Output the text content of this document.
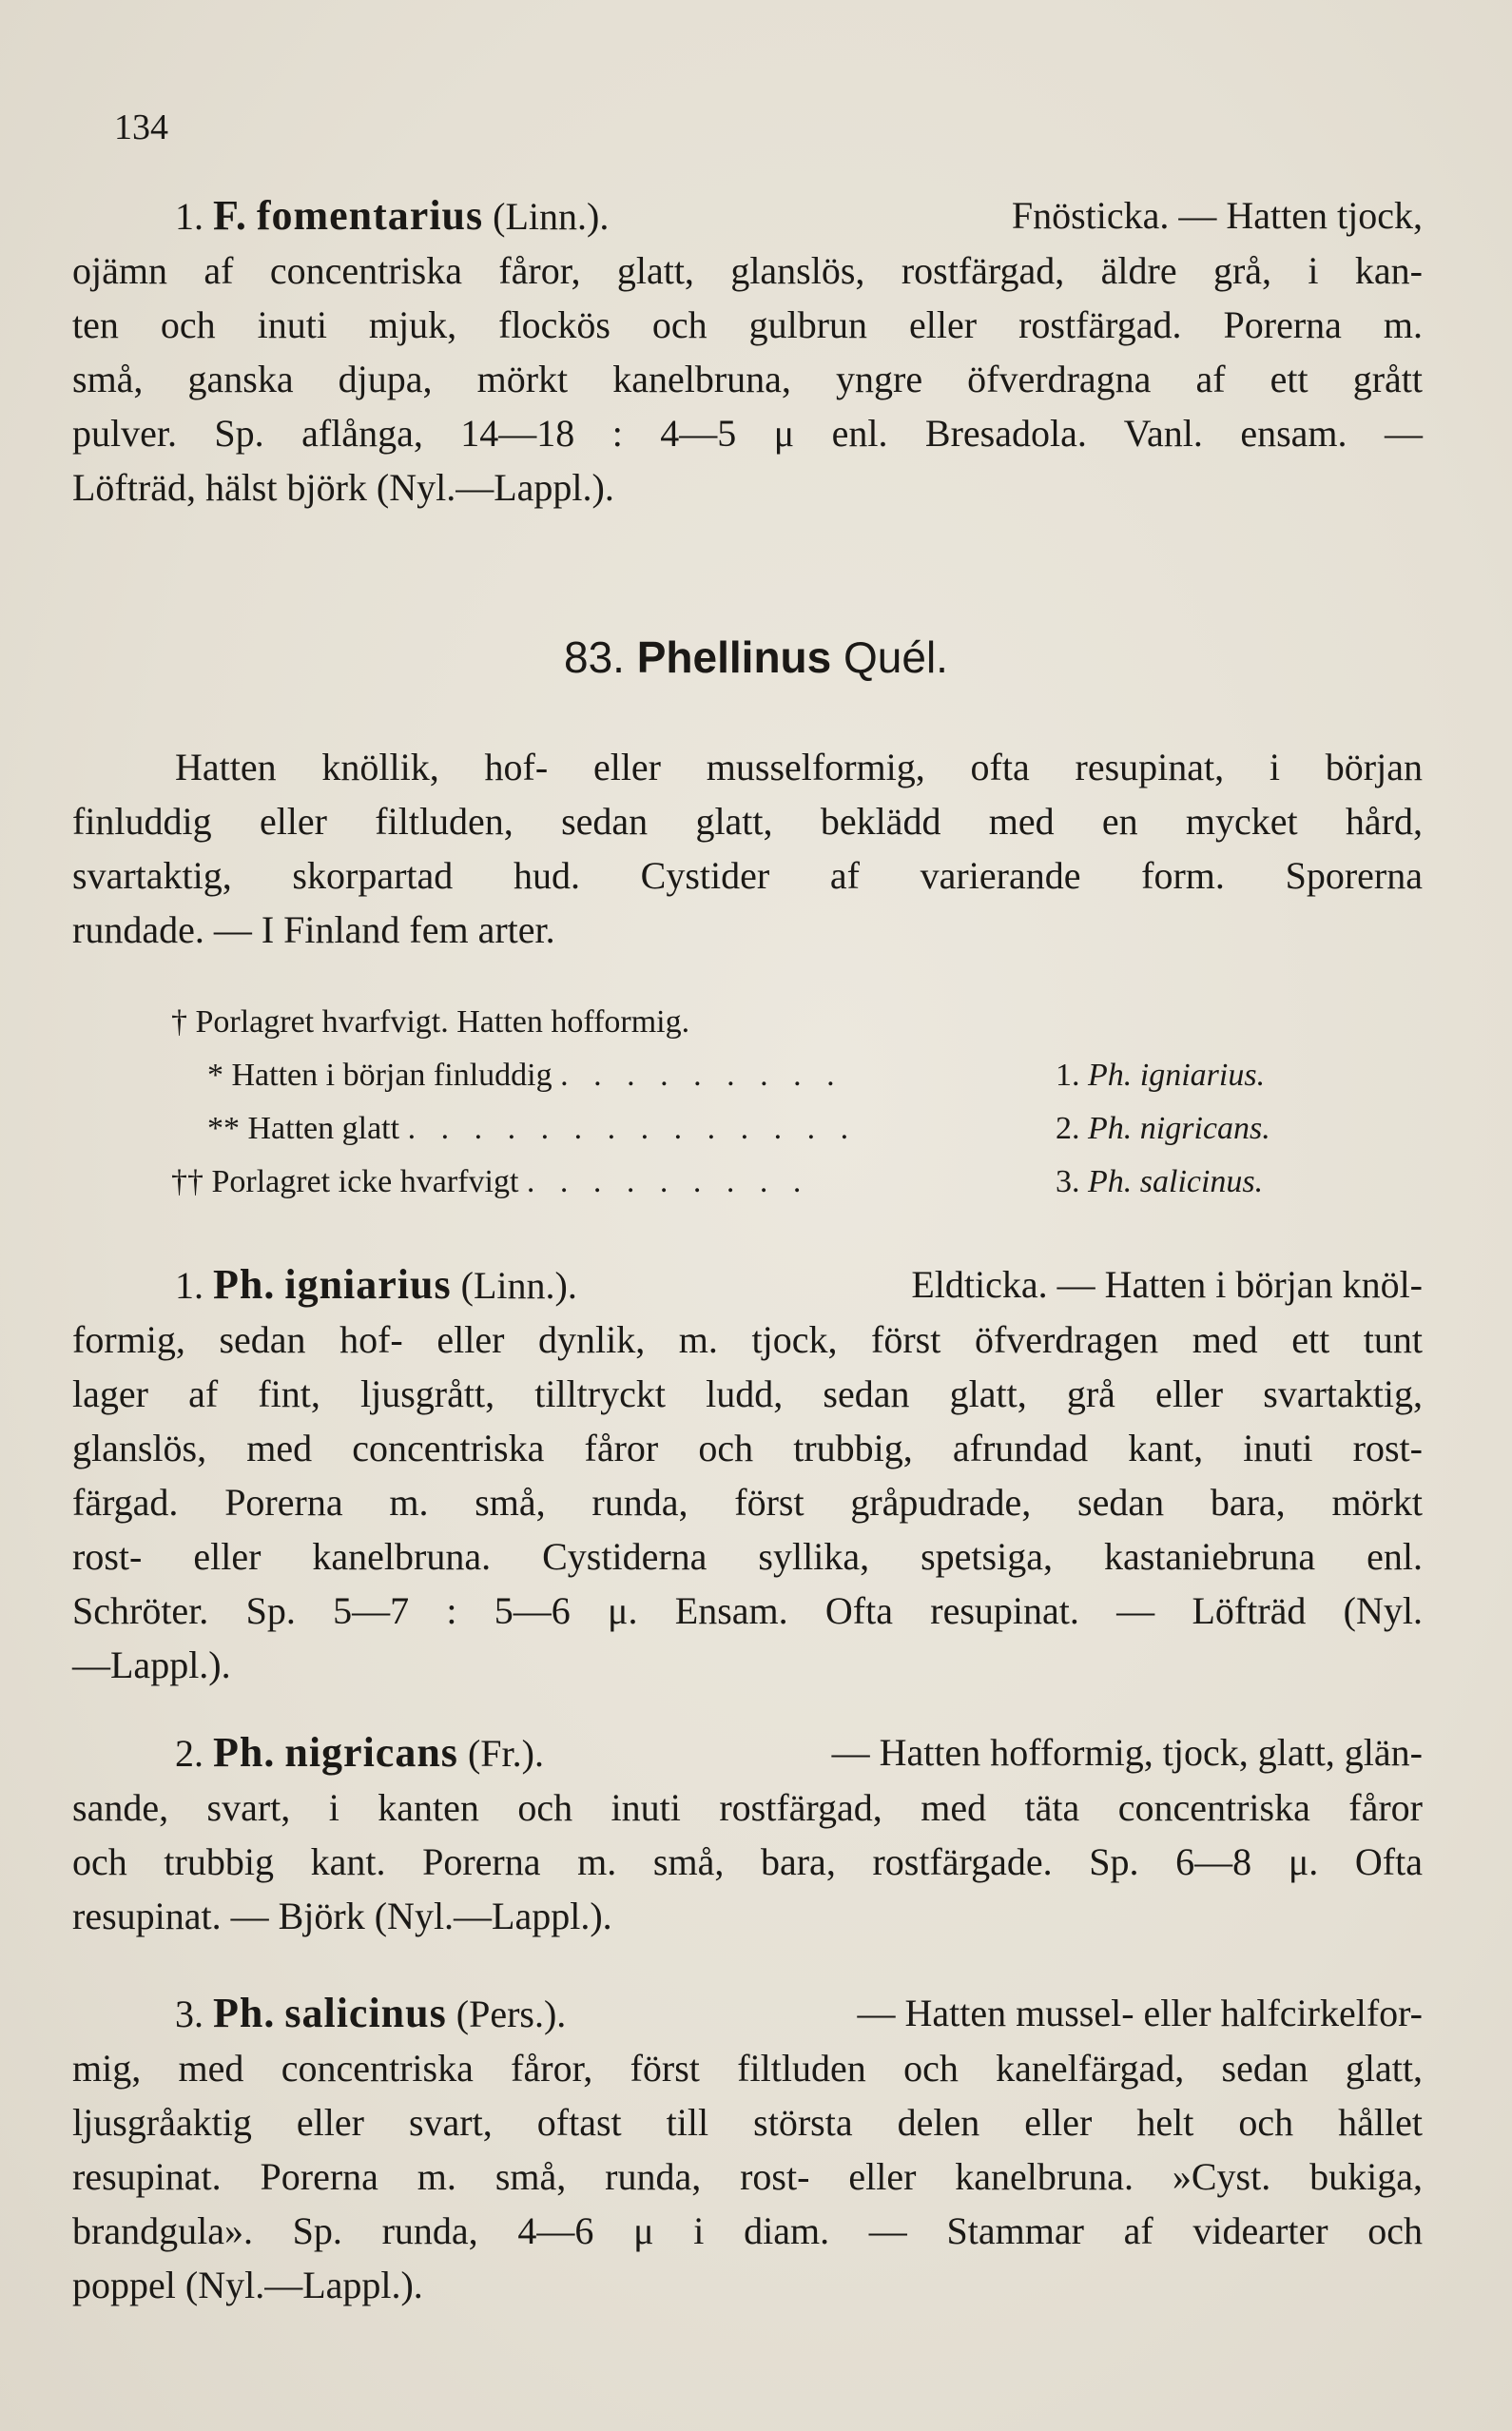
134
1. F. fomentarius (Linn.).	Fnösticka. — Hatten tjock,
ojämn af concentriska fåror, glatt, glanslös, rostfärgad, äldre grå, i kan-
ten och inuti mjuk, flockös och gulbrun eller rostfärgad. Porerna m.
små, ganska djupa, mörkt kanelbruna, yngre öfverdragna af ett grått
pulver. Sp. aflånga, 14—18 : 4—5 μ enl. Bresadola. Vanl. ensam. —
Löfträd, hälst björk (Nyl.—Lappl.).
83. Phellinus Quél.
Hatten knöllik, hof- eller musselformig, ofta resupinat, i början
finluddig eller filtluden, sedan glatt, beklädd med en mycket hård,
svartaktig, skorpartad hud. Cystider af varierande form. Sporerna
rundade. — I Finland fem arter.
† Porlagret hvarfvigt. Hatten hofformig.
* Hatten i början finluddig . . . . . . . . .	1. Ph. igniarius.
** Hatten glatt . . . . . . . . . . . . . .	2. Ph. nigricans.
†† Porlagret icke hvarfvigt . . . . . . . . .	3. Ph. salicinus.
1. Ph. igniarius (Linn.).	Eldticka. — Hatten i början knöl-
formig, sedan hof- eller dynlik, m. tjock, först öfverdragen med ett tunt
lager af fint, ljusgrått, tilltryckt ludd, sedan glatt, grå eller svartaktig,
glanslös, med concentriska fåror och trubbig, afrundad kant, inuti rost-
färgad. Porerna m. små, runda, först gråpudrade, sedan bara, mörkt
rost- eller kanelbruna. Cystiderna syllika, spetsiga, kastaniebruna enl.
Schröter. Sp. 5—7 : 5—6 μ. Ensam. Ofta resupinat. — Löfträd (Nyl.
—Lappl.).
2. Ph. nigricans (Fr.).	— Hatten hofformig, tjock, glatt, glän-
sande, svart, i kanten och inuti rostfärgad, med täta concentriska fåror
och trubbig kant. Porerna m. små, bara, rostfärgade. Sp. 6—8 μ. Ofta
resupinat. — Björk (Nyl.—Lappl.).
3. Ph. salicinus (Pers.).	— Hatten mussel- eller halfcirkelfor-
mig, med concentriska fåror, först filtluden och kanelfärgad, sedan glatt,
ljusgråaktig eller svart, oftast till största delen eller helt och hållet
resupinat. Porerna m. små, runda, rost- eller kanelbruna. »Cyst. bukiga,
brandgula». Sp. runda, 4—6 μ i diam. — Stammar af videarter och
poppel (Nyl.—Lappl.).
